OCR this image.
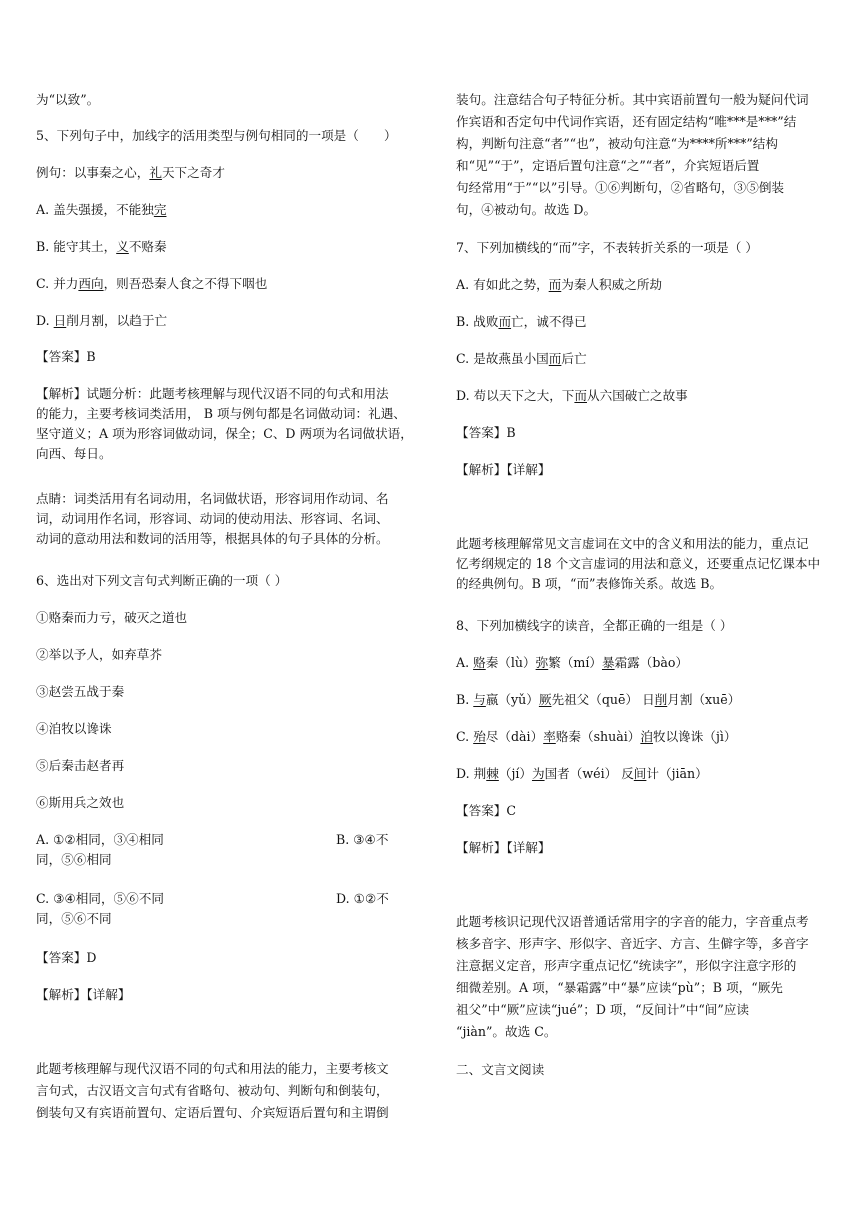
为“以致”。
5、下列句子中，加线字的活用类型与例句相同的一项是（　　）
例句：以事秦之心，礼天下之奇才
A. 盖失强援，不能独完
B. 能守其土，义不赂秦
C. 并力西向，则吾恐秦人食之不得下咽也
D. 日削月割，以趋于亡
【答案】B
【解析】试题分析：此题考核理解与现代汉语不同的句式和用法
的能力，主要考核词类活用， B 项与例句都是名词做动词：礼遇、
坚守道义；A 项为形容词做动词，保全；C、D 两项为名词做状语，
向西、每日。
点睛：词类活用有名词动用，名词做状语，形容词用作动词、名
词，动词用作名词，形容词、动词的使动用法、形容词、名词、
动词的意动用法和数词的活用等，根据具体的句子具体的分析。
6、选出对下列文言句式判断正确的一项（ ）
①赂秦而力亏，破灭之道也
②举以予人，如弃草芥
③赵尝五战于秦
④洎牧以谗诛
⑤后秦击赵者再
⑥斯用兵之效也
A. ①②相同，③④相同	B. ③④不
同，⑤⑥相同
C. ③④相同，⑤⑥不同	D. ①②不
同，⑤⑥不同
【答案】D
【解析】【详解】
此题考核理解与现代汉语不同的句式和用法的能力，主要考核文
言句式，古汉语文言句式有省略句、被动句、判断句和倒装句，
倒装句又有宾语前置句、定语后置句、介宾短语后置句和主谓倒
装句。注意结合句子特征分析。其中宾语前置句一般为疑问代词
作宾语和否定句中代词作宾语，还有固定结构“唯***是***”结
构，判断句注意“者”“也”，被动句注意“为****所***”结构
和“见”“于”，定语后置句注意“之”“者”，介宾短语后置
句经常用“于”“以”引导。①⑥判断句，②省略句，③⑤倒装
句，④被动句。故选 D。
7、下列加横线的“而”字，不表转折关系的一项是（ ）
A. 有如此之势，而为秦人积威之所劫
B. 战败而亡，诚不得已
C. 是故燕虽小国而后亡
D. 苟以天下之大，下而从六国破亡之故事
【答案】B
【解析】【详解】
此题考核理解常见文言虚词在文中的含义和用法的能力，重点记
忆考纲规定的 18 个文言虚词的用法和意义，还要重点记忆课本中
的经典例句。B 项，“而”表修饰关系。故选 B。
8、下列加横线字的读音，全都正确的一组是（ ）
A. 赂秦（lù）弥繁（mí）暴霜露（bào）
B. 与嬴（yǔ）厥先祖父（quē） 日削月割（xuē）
C. 殆尽（dài）率赂秦（shuài）洎牧以谗诛（jì）
D. 荆棘（jí）为国者（wéi） 反间计（jiān）
【答案】C
【解析】【详解】
此题考核识记现代汉语普通话常用字的字音的能力，字音重点考
核多音字、形声字、形似字、音近字、方言、生僻字等，多音字
注意据义定音，形声字重点记忆“统读字”，形似字注意字形的
细微差别。A 项，“暴霜露”中“暴”应读“pù”；B 项，“厥先
祖父”中“厥”应读“jué”；D 项，“反间计”中“间”应读
“jiàn”。故选 C。
二、文言文阅读
